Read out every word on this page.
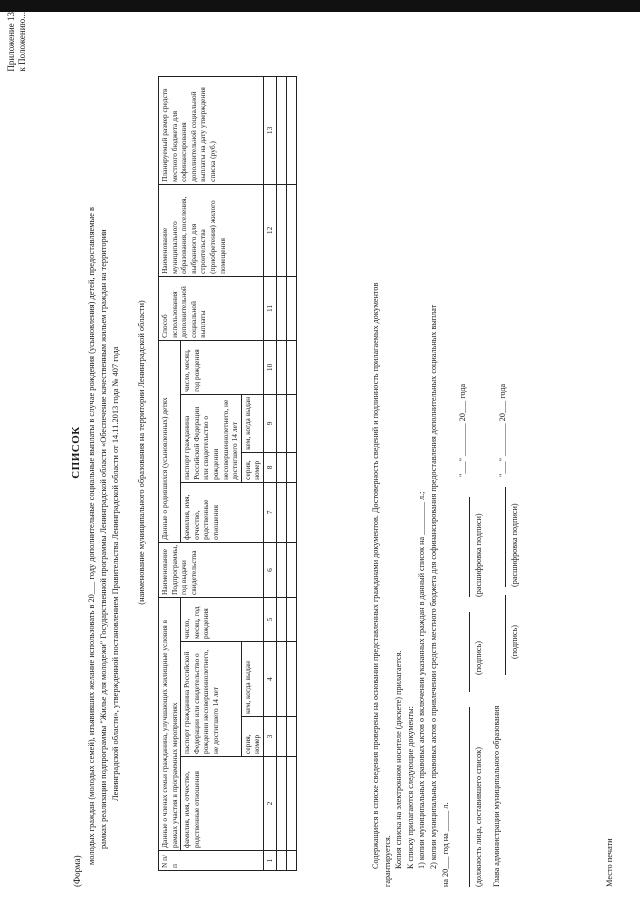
Приложение 13 к Положению...
(Форма)
СПИСОК молодых граждан (молодых семей), изъявивших желание использовать в 20___ году дополнительные социальные выплаты в случае рождения (усыновления) детей, предоставляемые в рамках реализации подпрограммы "Жилье для молодежи" Государственной программы Ленинградской области «Обеспечение качественным жильем граждан на территории Ленинградской области», утвержденной постановлением Правительства Ленинградской области от 14.11.2013 года № 407 года (наименование муниципального образования на территории Ленинградской области)
N п/п	Данные о членах семьи гражданина, улучшающих жилищные условия в рамках участия в программных мероприятиях				Наименование Подпрограммы, год выдачи свидетельства	Данные о родившихся (усыновленных) детях				Способ использования дополнительной социальной выплаты	Наименование муниципального образования, поселения, выбранного для строительства (приобретения) жилого помещения	Планируемый размер средств местного бюджета для софинансирования дополнительной социальной выплаты на дату утверждения списка (руб.)
	фамилия, имя, отчество, родственные отношения	паспорт гражданина Российской Федерации или свидетельство о рождении несовершеннолетнего, не достигшего 14 лет		число, месяц, год рождения		фамилия, имя, отчество, родственные отношения	паспорт гражданина Российской Федерации или свидетельство о рождении несовершеннолетнего, не достигшего 14 лет		число, месяц, год рождения			
		серия, номер	кем, когда выдан				серия, номер	кем, когда выдан				
1	2	3	4	5	6	7	8	9	10	11	12	13

Содержащиеся в списке сведения проверены на основании представленных гражданами документов. Достоверность сведений и подлинность прилагаемых документов гарантируется. Копия списка на электронном носителе (дискете) прилагается. К списку прилагаются следующие документы: 1) копии муниципальных правовых актов о включении указанных граждан в данный список на ________ л.; 2) копии муниципальных правовых актов о привлечении средств местного бюджета для софинансирования предоставления дополнительных социальных выплат на 20___ год на _____ л.
"___" ________ 20___ года
(должность лица, составившего список)
(подпись)
(расшифровка подписи)
Глава администрации муниципального образования
"___" ________ 20___ года
(подпись)
(расшифровка подписи)
Место печати
